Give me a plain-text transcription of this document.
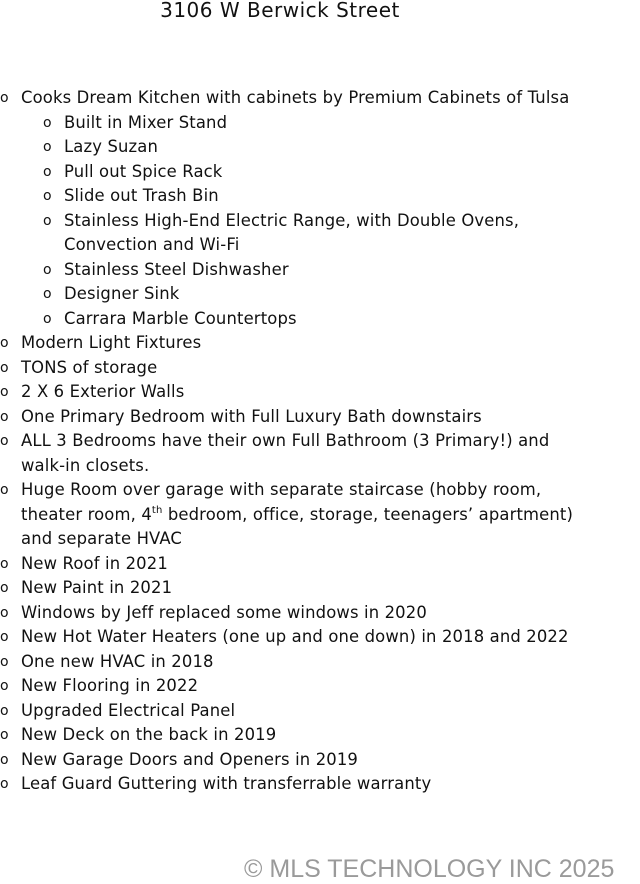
3106 W Berwick Street
o Cooks Dream Kitchen with cabinets by Premium Cabinets of Tulsa
o Built in Mixer Stand
o Lazy Suzan
o Pull out Spice Rack
o Slide out Trash Bin
o Stainless High-End Electric Range, with Double Ovens,
Convection and Wi-Fi
o Stainless Steel Dishwasher
o Designer Sink
o Carrara Marble Countertops
o Modern Light Fixtures
o TONS of storage
o 2 X 6 Exterior Walls
o One Primary Bedroom with Full Luxury Bath downstairs
o ALL 3 Bedrooms have their own Full Bathroom (3 Primary!) and
walk-in closets.
o Huge Room over garage with separate staircase (hobby room,
theater room, 4th bedroom, office, storage, teenagers’ apartment)
and separate HVAC
o New Roof in 2021
o New Paint in 2021
o Windows by Jeff replaced some windows in 2020
o New Hot Water Heaters (one up and one down) in 2018 and 2022
o One new HVAC in 2018
o New Flooring in 2022
o Upgraded Electrical Panel
o New Deck on the back in 2019
o New Garage Doors and Openers in 2019
o Leaf Guard Guttering with transferrable warranty
© MLS TECHNOLOGY INC 2025
